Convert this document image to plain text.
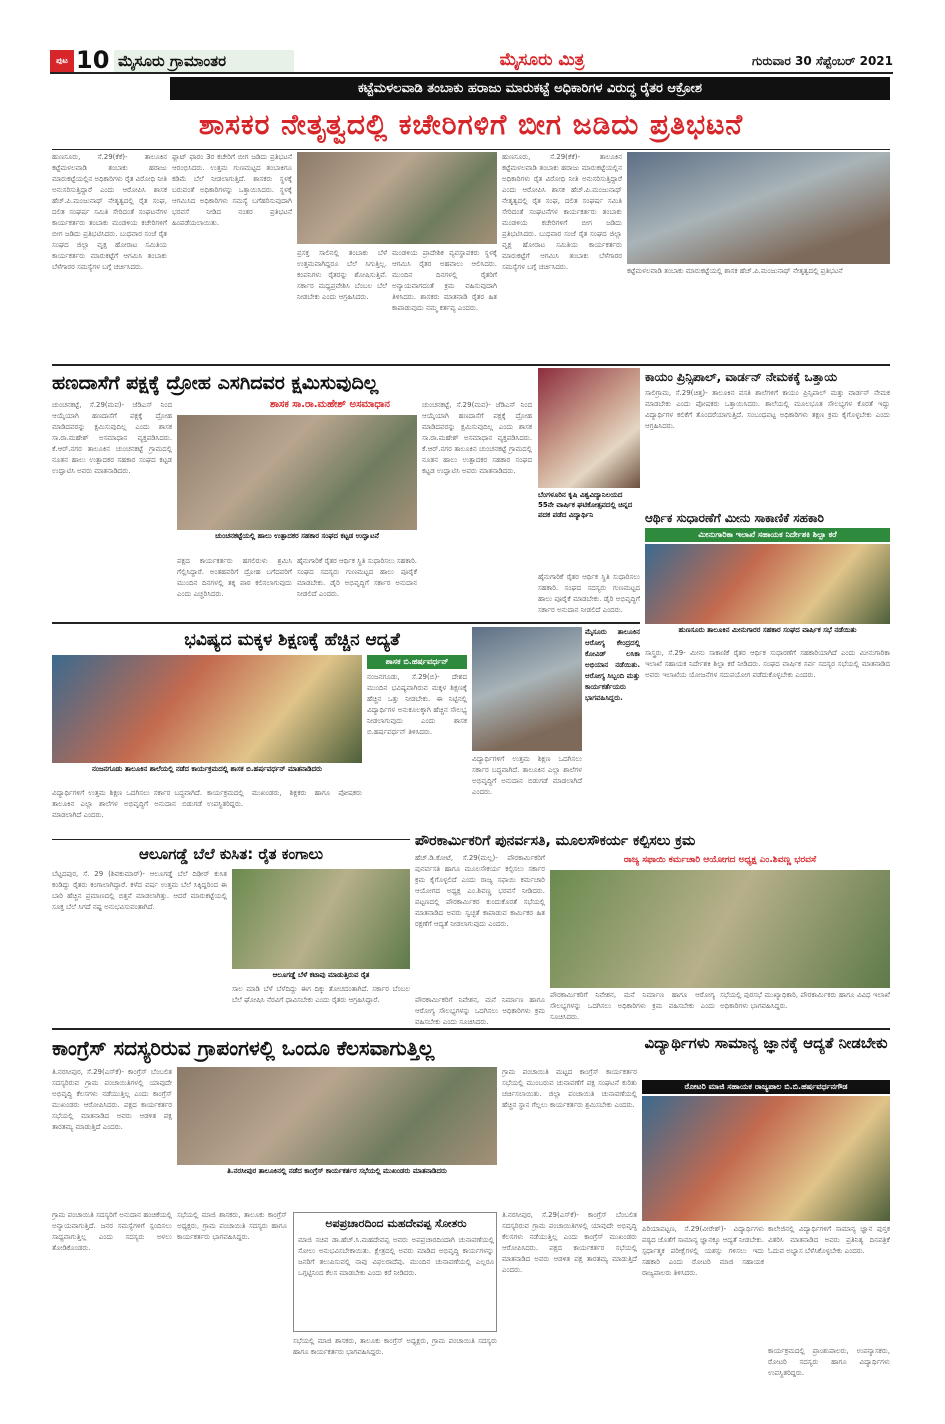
ಪುಟ 10 ಮೈಸೂರು ಗ್ರಾಮಾಂತರ	ಮೈಸೂರು ಮಿತ್ರ	ಗುರುವಾರ 30 ಸೆಪ್ಟೆಂಬರ್ 2021
ಕಟ್ಟೆಮಳಲವಾಡಿ ತಂಬಾಕು ಹರಾಜು ಮಾರುಕಟ್ಟೆ ಅಧಿಕಾರಿಗಳ ವಿರುದ್ಧ ರೈತರ ಆಕ್ರೋಶ
ಶಾಸಕರ ನೇತೃತ್ವದಲ್ಲಿ ಕಚೇರಿಗಳಿಗೆ ಬೀಗ ಜಡಿದು ಪ್ರತಿಭಟನೆ
ಹುಣಸೂರು, ಸೆ.29(ಕೆಕೆ)- ತಾಲೂಕಿನ ಕಟ್ಟೆಮಳಲವಾಡಿ ತಂಬಾಕು ಹರಾಜು ಮಾರುಕಟ್ಟೆಯಲ್ಲಿನ ಅಧಿಕಾರಿಗಳು ರೈತ ವಿರೋಧಿ ನೀತಿ ಅನುಸರಿಸುತ್ತಿದ್ದಾರೆ ಎಂದು ಆರೋಪಿಸಿ ಶಾಸಕ ಹೆಚ್.ಪಿ.ಮಂಜುನಾಥ್ ನೇತೃತ್ವದಲ್ಲಿ ರೈತ ಸಂಘ, ದಲಿತ ಸಂಘರ್ಷ ಸಮಿತಿ ಸೇರಿದಂತೆ ಸಂಘಟನೆಗಳ ಕಾರ್ಯಕರ್ತರು ತಂಬಾಕು ಮಂಡಳಿಯ ಕಚೇರಿಗಳಿಗೆ ಬೀಗ ಜಡಿದು ಪ್ರತಿಭಟಿಸಿದರು. ಬುಧವಾರ ಸಂಜೆ ರೈತ ಸಂಘದ ಜಿಲ್ಲಾ ವೃಕ್ಷ ಹೋರಾಟ ಸಮಿತಿಯ ಕಾರ್ಯಕರ್ತರು ಮಾರುಕಟ್ಟೆಗೆ ಆಗಮಿಸಿ ತಂಬಾಕು ಬೆಳೆಗಾರರ ಸಮಸ್ಯೆಗಳ ಬಗ್ಗೆ ಚರ್ಚಿಸಿದರು.
ಫ್ಲಾಟ್ ಫಾರಂ 3ರ ಕಚೇರಿಗೆ ಬೀಗ ಜಡಿದು ಪ್ರತಿಭಟನೆ ಆರಂಭಿಸಿದರು. ಉತ್ತಮ ಗುಣಮಟ್ಟದ ತಂಬಾಕಿಗೂ ಕಡಿಮೆ ಬೆಲೆ ನೀಡಲಾಗುತ್ತಿದೆ. ಶಾಸಕರು ಸ್ಥಳಕ್ಕೆ ಬರುವಂತೆ ಅಧಿಕಾರಿಗಳನ್ನು ಒತ್ತಾಯಿಸಿದರು. ಸ್ಥಳಕ್ಕೆ ಆಗಮಿಸಿದ ಅಧಿಕಾರಿಗಳು ಸಮಸ್ಯೆ ಬಗೆಹರಿಸುವುದಾಗಿ ಭರವಸೆ ನೀಡಿದ ನಂತರ ಪ್ರತಿಭಟನೆ ಹಿಂಪಡೆಯಲಾಯಿತು.
ಪ್ರಸಕ್ತ ಸಾಲಿನಲ್ಲಿ ತಂಬಾಕು ಬೆಳೆ ಉತ್ತಮವಾಗಿದ್ದರೂ ಬೆಲೆ ಸಿಗುತ್ತಿಲ್ಲ. ಕಂಪನಿಗಳು ರೈತರನ್ನು ಶೋಷಿಸುತ್ತಿವೆ. ಸರ್ಕಾರ ಮಧ್ಯಪ್ರವೇಶಿಸಿ ಬೆಂಬಲ ಬೆಲೆ ನೀಡಬೇಕು ಎಂದು ಆಗ್ರಹಿಸಿದರು.
ಮಂಡಳಿಯ ಪ್ರಾದೇಶಿಕ ವ್ಯವಸ್ಥಾಪಕರು ಸ್ಥಳಕ್ಕೆ ಆಗಮಿಸಿ ರೈತರ ಅಹವಾಲು ಆಲಿಸಿದರು. ಮುಂದಿನ ದಿನಗಳಲ್ಲಿ ರೈತರಿಗೆ ಅನ್ಯಾಯವಾಗದಂತೆ ಕ್ರಮ ವಹಿಸುವುದಾಗಿ ತಿಳಿಸಿದರು. ಶಾಸಕರು ಮಾತನಾಡಿ ರೈತರ ಹಿತ ಕಾಪಾಡುವುದು ನಮ್ಮ ಕರ್ತವ್ಯ ಎಂದರು.
ಹುಣಸೂರು, ಸೆ.29(ಕೆಕೆ)- ತಾಲೂಕಿನ ಕಟ್ಟೆಮಳಲವಾಡಿ ತಂಬಾಕು ಹರಾಜು ಮಾರುಕಟ್ಟೆಯಲ್ಲಿನ ಅಧಿಕಾರಿಗಳು ರೈತ ವಿರೋಧಿ ನೀತಿ ಅನುಸರಿಸುತ್ತಿದ್ದಾರೆ ಎಂದು ಆರೋಪಿಸಿ ಶಾಸಕ ಹೆಚ್.ಪಿ.ಮಂಜುನಾಥ್ ನೇತೃತ್ವದಲ್ಲಿ ರೈತ ಸಂಘ, ದಲಿತ ಸಂಘರ್ಷ ಸಮಿತಿ ಸೇರಿದಂತೆ ಸಂಘಟನೆಗಳ ಕಾರ್ಯಕರ್ತರು ತಂಬಾಕು ಮಂಡಳಿಯ ಕಚೇರಿಗಳಿಗೆ ಬೀಗ ಜಡಿದು ಪ್ರತಿಭಟಿಸಿದರು. ಬುಧವಾರ ಸಂಜೆ ರೈತ ಸಂಘದ ಜಿಲ್ಲಾ ವೃಕ್ಷ ಹೋರಾಟ ಸಮಿತಿಯ ಕಾರ್ಯಕರ್ತರು ಮಾರುಕಟ್ಟೆಗೆ ಆಗಮಿಸಿ ತಂಬಾಕು ಬೆಳೆಗಾರರ ಸಮಸ್ಯೆಗಳ ಬಗ್ಗೆ ಚರ್ಚಿಸಿದರು.	ಕಟ್ಟೆಮಳಲವಾಡಿ ತಂಬಾಕು ಮಾರುಕಟ್ಟೆಯಲ್ಲಿ ಶಾಸಕ ಹೆಚ್.ಪಿ.ಮಂಜುನಾಥ್ ನೇತೃತ್ವದಲ್ಲಿ ಪ್ರತಿಭಟನೆ
ಹಣದಾಸೆಗೆ ಪಕ್ಷಕ್ಕೆ ದ್ರೋಹ ಎಸಗಿದವರ ಕ್ಷಮಿಸುವುದಿಲ್ಲ
ಶಾಸಕ ಸಾ.ರಾ.ಮಹೇಶ್ ಅಸಮಾಧಾನ
ಚುಂಚನಕಟ್ಟೆ, ಸೆ.29(ಮವ)- ಜೆಡಿಎಸ್ ನಿಂದ ಆಯ್ಕೆಯಾಗಿ ಹಣದಾಸೆಗೆ ಪಕ್ಷಕ್ಕೆ ದ್ರೋಹ ಮಾಡಿದವರನ್ನು ಕ್ಷಮಿಸುವುದಿಲ್ಲ ಎಂದು ಶಾಸಕ ಸಾ.ರಾ.ಮಹೇಶ್ ಅಸಮಾಧಾನ ವ್ಯಕ್ತಪಡಿಸಿದರು. ಕೆ.ಆರ್.ನಗರ ತಾಲೂಕಿನ ಚುಂಚನಕಟ್ಟೆ ಗ್ರಾಮದಲ್ಲಿ ನೂತನ ಹಾಲು ಉತ್ಪಾದಕರ ಸಹಕಾರ ಸಂಘದ ಕಟ್ಟಡ ಉದ್ಘಾಟಿಸಿ ಅವರು ಮಾತನಾಡಿದರು.
ಚುಂಚನಕಟ್ಟೆಯಲ್ಲಿ ಹಾಲು ಉತ್ಪಾದಕರ ಸಹಕಾರ ಸಂಘದ ಕಟ್ಟಡ ಉದ್ಘಾಟನೆ
ಪಕ್ಷದ ಕಾರ್ಯಕರ್ತರು ಹಗಲಿರುಳು ಶ್ರಮಿಸಿ ಗೆಲ್ಲಿಸಿದ್ದಾರೆ. ಅಂತಹವರಿಗೆ ದ್ರೋಹ ಬಗೆದವರಿಗೆ ಮುಂದಿನ ದಿನಗಳಲ್ಲಿ ತಕ್ಕ ಪಾಠ ಕಲಿಸಲಾಗುವುದು ಎಂದು ಎಚ್ಚರಿಸಿದರು.
ಹೈನುಗಾರಿಕೆ ರೈತರ ಆರ್ಥಿಕ ಸ್ಥಿತಿ ಸುಧಾರಿಸಲು ಸಹಕಾರಿ. ಸಂಘದ ಸದಸ್ಯರು ಗುಣಮಟ್ಟದ ಹಾಲು ಪೂರೈಕೆ ಮಾಡಬೇಕು. ಡೈರಿ ಅಭಿವೃದ್ಧಿಗೆ ಸರ್ಕಾರ ಅನುದಾನ ನೀಡಲಿದೆ ಎಂದರು.
ಚುಂಚನಕಟ್ಟೆ, ಸೆ.29(ಮವ)- ಜೆಡಿಎಸ್ ನಿಂದ ಆಯ್ಕೆಯಾಗಿ ಹಣದಾಸೆಗೆ ಪಕ್ಷಕ್ಕೆ ದ್ರೋಹ ಮಾಡಿದವರನ್ನು ಕ್ಷಮಿಸುವುದಿಲ್ಲ ಎಂದು ಶಾಸಕ ಸಾ.ರಾ.ಮಹೇಶ್ ಅಸಮಾಧಾನ ವ್ಯಕ್ತಪಡಿಸಿದರು. ಕೆ.ಆರ್.ನಗರ ತಾಲೂಕಿನ ಚುಂಚನಕಟ್ಟೆ ಗ್ರಾಮದಲ್ಲಿ ನೂತನ ಹಾಲು ಉತ್ಪಾದಕರ ಸಹಕಾರ ಸಂಘದ ಕಟ್ಟಡ ಉದ್ಘಾಟಿಸಿ ಅವರು ಮಾತನಾಡಿದರು.
ಬೆಂಗಳೂರಿನ ಕೃಷಿ ವಿಶ್ವವಿದ್ಯಾನಿಲಯದ 55ನೇ ವಾರ್ಷಿಕ ಘಟಿಕೋತ್ಸವದಲ್ಲಿ ಚಿನ್ನದ ಪದಕ ಪಡೆದ ವಿದ್ಯಾರ್ಥಿನಿ
ಹೈನುಗಾರಿಕೆ ರೈತರ ಆರ್ಥಿಕ ಸ್ಥಿತಿ ಸುಧಾರಿಸಲು ಸಹಕಾರಿ. ಸಂಘದ ಸದಸ್ಯರು ಗುಣಮಟ್ಟದ ಹಾಲು ಪೂರೈಕೆ ಮಾಡಬೇಕು. ಡೈರಿ ಅಭಿವೃದ್ಧಿಗೆ ಸರ್ಕಾರ ಅನುದಾನ ನೀಡಲಿದೆ ಎಂದರು.
ಕಾಯಂ ಪ್ರಿನ್ಸಿಪಾಲ್, ವಾರ್ಡನ್ ನೇಮಕಕ್ಕೆ ಒತ್ತಾಯ
ಸಾಲಿಗ್ರಾಮ, ಸೆ.29(ಚಿತ್ತ)- ತಾಲೂಕಿನ ವಸತಿ ಶಾಲೆಗಳಿಗೆ ಕಾಯಂ ಪ್ರಿನ್ಸಿಪಾಲ್ ಮತ್ತು ವಾರ್ಡನ್ ನೇಮಕ ಮಾಡಬೇಕು ಎಂದು ಪೋಷಕರು ಒತ್ತಾಯಿಸಿದರು. ಶಾಲೆಯಲ್ಲಿ ಮೂಲಭೂತ ಸೌಲಭ್ಯಗಳ ಕೊರತೆ ಇದ್ದು ವಿದ್ಯಾರ್ಥಿಗಳ ಕಲಿಕೆಗೆ ತೊಂದರೆಯಾಗುತ್ತಿದೆ. ಸಂಬಂಧಪಟ್ಟ ಅಧಿಕಾರಿಗಳು ತಕ್ಷಣ ಕ್ರಮ ಕೈಗೊಳ್ಳಬೇಕು ಎಂದು ಆಗ್ರಹಿಸಿದರು.
ಆರ್ಥಿಕ ಸುಧಾರಣೆಗೆ ಮೀನು ಸಾಕಾಣಿಕೆ ಸಹಕಾರಿ
ಮೀನುಗಾರಿಕಾ ಇಲಾಖೆ ಸಹಾಯಕ ನಿರ್ದೇಶಕಿ ಶಿಲ್ಪಾ ಕರೆ
ಹುಣಸೂರು ತಾಲೂಕಿನ ಮೀನುಗಾರರ ಸಹಕಾರ ಸಂಘದ ವಾರ್ಷಿಕ ಸಭೆ ನಡೆಯಿತು
ಸಾಸ್ತ್ರರು, ಸೆ.29- ಮೀನು ಸಾಕಾಣಿಕೆ ರೈತರ ಆರ್ಥಿಕ ಸುಧಾರಣೆಗೆ ಸಹಕಾರಿಯಾಗಿದೆ ಎಂದು ಮೀನುಗಾರಿಕಾ ಇಲಾಖೆ ಸಹಾಯಕ ನಿರ್ದೇಶಕಿ ಶಿಲ್ಪಾ ಕರೆ ನೀಡಿದರು. ಸಂಘದ ವಾರ್ಷಿಕ ಸರ್ವ ಸದಸ್ಯರ ಸಭೆಯಲ್ಲಿ ಮಾತನಾಡಿದ ಅವರು ಇಲಾಖೆಯ ಯೋಜನೆಗಳ ಸದುಪಯೋಗ ಪಡೆದುಕೊಳ್ಳಬೇಕು ಎಂದರು.
ಭವಿಷ್ಯದ ಮಕ್ಕಳ ಶಿಕ್ಷಣಕ್ಕೆ ಹೆಚ್ಚಿನ ಆದ್ಯತೆ
ನಂಜನಗೂಡು ತಾಲೂಕಿನ ಶಾಲೆಯಲ್ಲಿ ನಡೆದ ಕಾರ್ಯಕ್ರಮದಲ್ಲಿ ಶಾಸಕ ಬಿ.ಹರ್ಷವರ್ಧನ್ ಮಾತನಾಡಿದರು
ಶಾಸಕ ಬಿ.ಹರ್ಷವರ್ಧನ್
ನಂಜನಗೂಡು, ಸೆ.29(ಬಿ)- ದೇಶದ ಮುಂದಿನ ಭವಿಷ್ಯವಾಗಿರುವ ಮಕ್ಕಳ ಶಿಕ್ಷಣಕ್ಕೆ ಹೆಚ್ಚಿನ ಒತ್ತು ನೀಡಬೇಕು. ಈ ನಿಟ್ಟಿನಲ್ಲಿ ವಿದ್ಯಾರ್ಥಿಗಳ ಅನುಕೂಲಕ್ಕಾಗಿ ಹೆಚ್ಚಿನ ಸೌಲಭ್ಯ ನೀಡಲಾಗುವುದು ಎಂದು ಶಾಸಕ ಬಿ.ಹರ್ಷವರ್ಧನ್ ತಿಳಿಸಿದರು.
ವಿದ್ಯಾರ್ಥಿಗಳಿಗೆ ಉತ್ತಮ ಶಿಕ್ಷಣ ಒದಗಿಸಲು ಸರ್ಕಾರ ಬದ್ಧವಾಗಿದೆ. ತಾಲೂಕಿನ ಎಲ್ಲಾ ಶಾಲೆಗಳ ಅಭಿವೃದ್ಧಿಗೆ ಅನುದಾನ ಬಿಡುಗಡೆ ಮಾಡಲಾಗಿದೆ ಎಂದರು.
ಕಾರ್ಯಕ್ರಮದಲ್ಲಿ ಮುಖಂಡರು, ಶಿಕ್ಷಕರು ಹಾಗೂ ಪೋಷಕರು ಉಪಸ್ಥಿತರಿದ್ದರು.
ಮೈಸೂರು ತಾಲೂಕಿನ ಆರೋಗ್ಯ ಕೇಂದ್ರದಲ್ಲಿ ಕೋವಿಡ್ ಲಸಿಕಾ ಅಭಿಯಾನ ನಡೆಯಿತು. ಆರೋಗ್ಯ ಸಿಬ್ಬಂದಿ ಮತ್ತು ಕಾರ್ಯಕರ್ತೆಯರು ಭಾಗವಹಿಸಿದ್ದರು.
ವಿದ್ಯಾರ್ಥಿಗಳಿಗೆ ಉತ್ತಮ ಶಿಕ್ಷಣ ಒದಗಿಸಲು ಸರ್ಕಾರ ಬದ್ಧವಾಗಿದೆ. ತಾಲೂಕಿನ ಎಲ್ಲಾ ಶಾಲೆಗಳ ಅಭಿವೃದ್ಧಿಗೆ ಅನುದಾನ ಬಿಡುಗಡೆ ಮಾಡಲಾಗಿದೆ ಎಂದರು.
ಪೌರಕಾರ್ಮಿಕರಿಗೆ ಪುನರ್ವಸತಿ, ಮೂಲಸೌಕರ್ಯ ಕಲ್ಪಿಸಲು ಕ್ರಮ
ರಾಜ್ಯ ಸಫಾಯಿ ಕರ್ಮಚಾರಿ ಆಯೋಗದ ಅಧ್ಯಕ್ಷ ಎಂ.ಶಿವಣ್ಣ ಭರವಸೆ
ಹೆಚ್.ಡಿ.ಕೋಟೆ, ಸೆ.29(ಮಲ್ಲ)- ಪೌರಕಾರ್ಮಿಕರಿಗೆ ಪುನರ್ವಸತಿ ಹಾಗೂ ಮೂಲಸೌಕರ್ಯ ಕಲ್ಪಿಸಲು ಸರ್ಕಾರ ಕ್ರಮ ಕೈಗೊಳ್ಳಲಿದೆ ಎಂದು ರಾಜ್ಯ ಸಫಾಯಿ ಕರ್ಮಚಾರಿ ಆಯೋಗದ ಅಧ್ಯಕ್ಷ ಎಂ.ಶಿವಣ್ಣ ಭರವಸೆ ನೀಡಿದರು. ಪಟ್ಟಣದಲ್ಲಿ ಪೌರಕಾರ್ಮಿಕರ ಕುಂದುಕೊರತೆ ಸಭೆಯಲ್ಲಿ ಮಾತನಾಡಿದ ಅವರು ಸ್ವಚ್ಛತೆ ಕಾಪಾಡುವ ಕಾರ್ಮಿಕರ ಹಿತ ರಕ್ಷಣೆಗೆ ಆದ್ಯತೆ ನೀಡಲಾಗುವುದು ಎಂದರು.
ಪೌರಕಾರ್ಮಿಕರಿಗೆ ನಿವೇಶನ, ಮನೆ ನಿರ್ಮಾಣ ಹಾಗೂ ಆರೋಗ್ಯ ಸೌಲಭ್ಯಗಳನ್ನು ಒದಗಿಸಲು ಅಧಿಕಾರಿಗಳು ಕ್ರಮ ವಹಿಸಬೇಕು ಎಂದು ಸೂಚಿಸಿದರು.
ಪೌರಕಾರ್ಮಿಕರಿಗೆ ನಿವೇಶನ, ಮನೆ ನಿರ್ಮಾಣ ಹಾಗೂ ಆರೋಗ್ಯ ಸೌಲಭ್ಯಗಳನ್ನು ಒದಗಿಸಲು ಅಧಿಕಾರಿಗಳು ಕ್ರಮ ವಹಿಸಬೇಕು ಎಂದು ಸೂಚಿಸಿದರು.
ಸಭೆಯಲ್ಲಿ ಪುರಸಭೆ ಮುಖ್ಯಾಧಿಕಾರಿ, ಪೌರಕಾರ್ಮಿಕರು ಹಾಗೂ ವಿವಿಧ ಇಲಾಖೆ ಅಧಿಕಾರಿಗಳು ಭಾಗವಹಿಸಿದ್ದರು.
ಆಲೂಗಡ್ಡೆ ಬೆಲೆ ಕುಸಿತ: ರೈತ ಕಂಗಾಲು
ಬೆಟ್ಟದಪುರ, ಸೆ. 29 (ಶಿವಕುಮಾರ್)- ಆಲೂಗಡ್ಡೆ ಬೆಲೆ ದಿಢೀರ್ ಕುಸಿತ ಕಂಡಿದ್ದು ರೈತರು ಕಂಗಾಲಾಗಿದ್ದಾರೆ. ಕಳೆದ ವರ್ಷ ಉತ್ತಮ ಬೆಲೆ ಸಿಕ್ಕಿದ್ದರಿಂದ ಈ ಬಾರಿ ಹೆಚ್ಚಿನ ಪ್ರಮಾಣದಲ್ಲಿ ಬಿತ್ತನೆ ಮಾಡಲಾಗಿತ್ತು. ಆದರೆ ಮಾರುಕಟ್ಟೆಯಲ್ಲಿ ಸೂಕ್ತ ಬೆಲೆ ಸಿಗದೆ ನಷ್ಟ ಅನುಭವಿಸುವಂತಾಗಿದೆ.
ಆಲೂಗಡ್ಡೆ ಬೆಳೆ ಕಟಾವು ಮಾಡುತ್ತಿರುವ ರೈತ
ಸಾಲ ಮಾಡಿ ಬೆಳೆ ಬೆಳೆದಿದ್ದು ಈಗ ದಿಕ್ಕು ತೋಚದಂತಾಗಿದೆ. ಸರ್ಕಾರ ಬೆಂಬಲ ಬೆಲೆ ಘೋಷಿಸಿ ನೆರವಿಗೆ ಧಾವಿಸಬೇಕು ಎಂದು ರೈತರು ಆಗ್ರಹಿಸಿದ್ದಾರೆ.
ಕಾಂಗ್ರೆಸ್ ಸದಸ್ಯರಿರುವ ಗ್ರಾಪಂಗಳಲ್ಲಿ ಒಂದೂ ಕೆಲಸವಾಗುತ್ತಿಲ್ಲ
ತಿ.ನರಸೀಪುರ, ಸೆ.29(ಎಸ್‌ಕೆ)- ಕಾಂಗ್ರೆಸ್ ಬೆಂಬಲಿತ ಸದಸ್ಯರಿರುವ ಗ್ರಾಮ ಪಂಚಾಯಿತಿಗಳಲ್ಲಿ ಯಾವುದೇ ಅಭಿವೃದ್ಧಿ ಕೆಲಸಗಳು ನಡೆಯುತ್ತಿಲ್ಲ ಎಂದು ಕಾಂಗ್ರೆಸ್ ಮುಖಂಡರು ಆರೋಪಿಸಿದರು. ಪಕ್ಷದ ಕಾರ್ಯಕರ್ತರ ಸಭೆಯಲ್ಲಿ ಮಾತನಾಡಿದ ಅವರು ಆಡಳಿತ ಪಕ್ಷ ತಾರತಮ್ಯ ಮಾಡುತ್ತಿದೆ ಎಂದರು.
ತಿ.ನರಸೀಪುರ ತಾಲೂಕಿನಲ್ಲಿ ನಡೆದ ಕಾಂಗ್ರೆಸ್ ಕಾರ್ಯಕರ್ತರ ಸಭೆಯಲ್ಲಿ ಮುಖಂಡರು ಮಾತನಾಡಿದರು
ಗ್ರಾಮ ಪಂಚಾಯಿತಿ ಮಟ್ಟದ ಕಾಂಗ್ರೆಸ್ ಕಾರ್ಯಕರ್ತರ ಸಭೆಯಲ್ಲಿ ಮುಂಬರುವ ಚುನಾವಣೆಗೆ ಪಕ್ಷ ಸಂಘಟನೆ ಕುರಿತು ಚರ್ಚಿಸಲಾಯಿತು. ಜಿಲ್ಲಾ ಪಂಚಾಯಿತಿ ಚುನಾವಣೆಯಲ್ಲಿ ಹೆಚ್ಚಿನ ಸ್ಥಾನ ಗೆಲ್ಲಲು ಕಾರ್ಯಕರ್ತರು ಶ್ರಮಿಸಬೇಕು ಎಂದರು.
ಗ್ರಾಮ ಪಂಚಾಯಿತಿ ಸದಸ್ಯರಿಗೆ ಅನುದಾನ ಹಂಚಿಕೆಯಲ್ಲಿ ಅನ್ಯಾಯವಾಗುತ್ತಿದೆ. ಜನರ ಸಮಸ್ಯೆಗಳಿಗೆ ಸ್ಪಂದಿಸಲು ಸಾಧ್ಯವಾಗುತ್ತಿಲ್ಲ ಎಂದು ಸದಸ್ಯರು ಅಳಲು ತೋಡಿಕೊಂಡರು.
ಸಭೆಯಲ್ಲಿ ಮಾಜಿ ಶಾಸಕರು, ತಾಲೂಕು ಕಾಂಗ್ರೆಸ್ ಅಧ್ಯಕ್ಷರು, ಗ್ರಾಮ ಪಂಚಾಯಿತಿ ಸದಸ್ಯರು ಹಾಗೂ ಕಾರ್ಯಕರ್ತರು ಭಾಗವಹಿಸಿದ್ದರು.
ತಿ.ನರಸೀಪುರ, ಸೆ.29(ಎಸ್‌ಕೆ)- ಕಾಂಗ್ರೆಸ್ ಬೆಂಬಲಿತ ಸದಸ್ಯರಿರುವ ಗ್ರಾಮ ಪಂಚಾಯಿತಿಗಳಲ್ಲಿ ಯಾವುದೇ ಅಭಿವೃದ್ಧಿ ಕೆಲಸಗಳು ನಡೆಯುತ್ತಿಲ್ಲ ಎಂದು ಕಾಂಗ್ರೆಸ್ ಮುಖಂಡರು ಆರೋಪಿಸಿದರು. ಪಕ್ಷದ ಕಾರ್ಯಕರ್ತರ ಸಭೆಯಲ್ಲಿ ಮಾತನಾಡಿದ ಅವರು ಆಡಳಿತ ಪಕ್ಷ ತಾರತಮ್ಯ ಮಾಡುತ್ತಿದೆ ಎಂದರು.
ಅಪಪ್ರಚಾರದಿಂದ ಮಹದೇವಪ್ಪ ಸೋತರು
ಮಾಜಿ ಸಚಿವ ಡಾ.ಹೆಚ್.ಸಿ.ಮಹದೇವಪ್ಪ ಅವರು ಅಪಪ್ರಚಾರದಿಂದಾಗಿ ಚುನಾವಣೆಯಲ್ಲಿ ಸೋಲು ಅನುಭವಿಸಬೇಕಾಯಿತು. ಕ್ಷೇತ್ರದಲ್ಲಿ ಅವರು ಮಾಡಿದ ಅಭಿವೃದ್ಧಿ ಕಾರ್ಯಗಳನ್ನು ಜನರಿಗೆ ತಲುಪಿಸುವಲ್ಲಿ ನಾವು ವಿಫಲರಾದೆವು. ಮುಂದಿನ ಚುನಾವಣೆಯಲ್ಲಿ ಎಲ್ಲರೂ ಒಗ್ಗಟ್ಟಿನಿಂದ ಕೆಲಸ ಮಾಡಬೇಕು ಎಂದು ಕರೆ ನೀಡಿದರು.
ಸಭೆಯಲ್ಲಿ ಮಾಜಿ ಶಾಸಕರು, ತಾಲೂಕು ಕಾಂಗ್ರೆಸ್ ಅಧ್ಯಕ್ಷರು, ಗ್ರಾಮ ಪಂಚಾಯಿತಿ ಸದಸ್ಯರು ಹಾಗೂ ಕಾರ್ಯಕರ್ತರು ಭಾಗವಹಿಸಿದ್ದರು.
ವಿದ್ಯಾರ್ಥಿಗಳು ಸಾಮಾನ್ಯ ಜ್ಞಾನಕ್ಕೆ ಆದ್ಯತೆ ನೀಡಬೇಕು
ರೋಟರಿ ಮಾಜಿ ಸಹಾಯಕ ರಾಜ್ಯಪಾಲ ಬಿ.ಬಿ.ಹರ್ಷವರ್ಧನಗೌಡ
ಪಿರಿಯಾಪಟ್ಟಣ, ಸೆ.29(ವೀರೇಶ್)- ವಿದ್ಯಾರ್ಥಿಗಳು ಪಠ್ಯದ ಜೊತೆಗೆ ಸಾಮಾನ್ಯ ಜ್ಞಾನಕ್ಕೂ ಆದ್ಯತೆ ನೀಡಬೇಕು. ಸ್ಪರ್ಧಾತ್ಮಕ ಪರೀಕ್ಷೆಗಳಲ್ಲಿ ಯಶಸ್ಸು ಗಳಿಸಲು ಇದು ಸಹಕಾರಿ ಎಂದು ರೋಟರಿ ಮಾಜಿ ಸಹಾಯಕ ರಾಜ್ಯಪಾಲರು ತಿಳಿಸಿದರು.
ಕಾಲೇಜಿನಲ್ಲಿ ವಿದ್ಯಾರ್ಥಿಗಳಿಗೆ ಸಾಮಾನ್ಯ ಜ್ಞಾನ ಪುಸ್ತಕ ವಿತರಿಸಿ ಮಾತನಾಡಿದ ಅವರು ಪ್ರತಿನಿತ್ಯ ದಿನಪತ್ರಿಕೆ ಓದುವ ಅಭ್ಯಾಸ ಬೆಳೆಸಿಕೊಳ್ಳಬೇಕು ಎಂದರು.
ಕಾರ್ಯಕ್ರಮದಲ್ಲಿ ಪ್ರಾಂಶುಪಾಲರು, ಉಪನ್ಯಾಸಕರು, ರೋಟರಿ ಸದಸ್ಯರು ಹಾಗೂ ವಿದ್ಯಾರ್ಥಿಗಳು ಉಪಸ್ಥಿತರಿದ್ದರು.
